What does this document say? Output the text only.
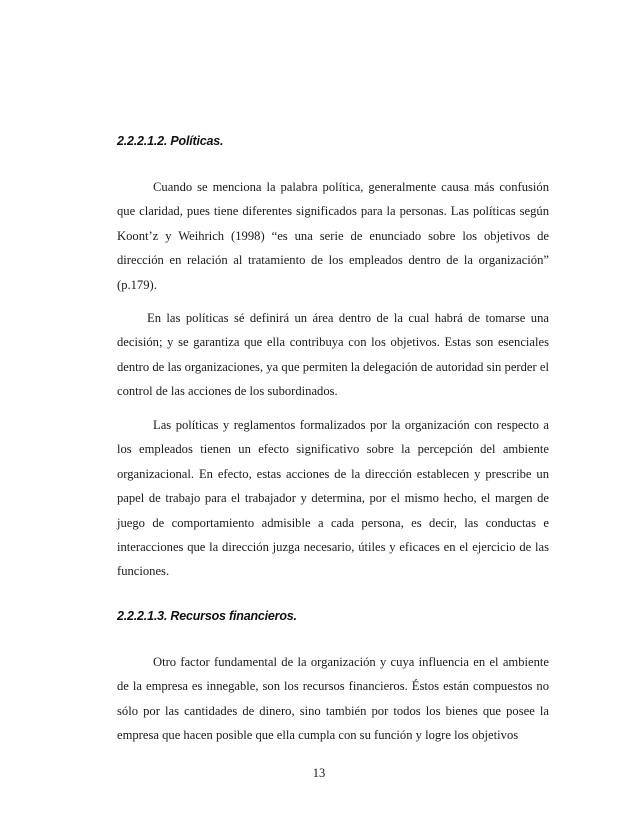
2.2.2.1.2. Políticas.

Cuando se menciona la palabra política, generalmente causa más confusión que claridad, pues tiene diferentes significados para la personas. Las políticas según Koont’z y Weihrich (1998) “es una serie de enunciado sobre los objetivos de dirección en relación al tratamiento de los empleados dentro de la organización” (p.179).

En las políticas sé definirá un área dentro de la cual habrá de tomarse una decisión; y se garantiza que ella contribuya con los objetivos. Estas son esenciales dentro de las organizaciones, ya que permiten la delegación de autoridad sin perder el control de las acciones de los subordinados.

Las políticas y reglamentos formalizados por la organización con respecto a los empleados tienen un efecto significativo sobre la percepción del ambiente organizacional. En efecto, estas acciones de la dirección establecen y prescribe un papel de trabajo para el trabajador y determina, por el mismo hecho, el margen de juego de comportamiento admisible a cada persona, es decir, las conductas e interacciones que la dirección juzga necesario, útiles y eficaces en el ejercicio de las funciones.

2.2.2.1.3. Recursos financieros.

Otro factor fundamental de la organización y cuya influencia en el ambiente de la empresa es innegable, son los recursos financieros. Éstos están compuestos no sólo por las cantidades de dinero, sino también por todos los bienes que posee la empresa que hacen posible que ella cumpla con su función y logre los objetivos

13
